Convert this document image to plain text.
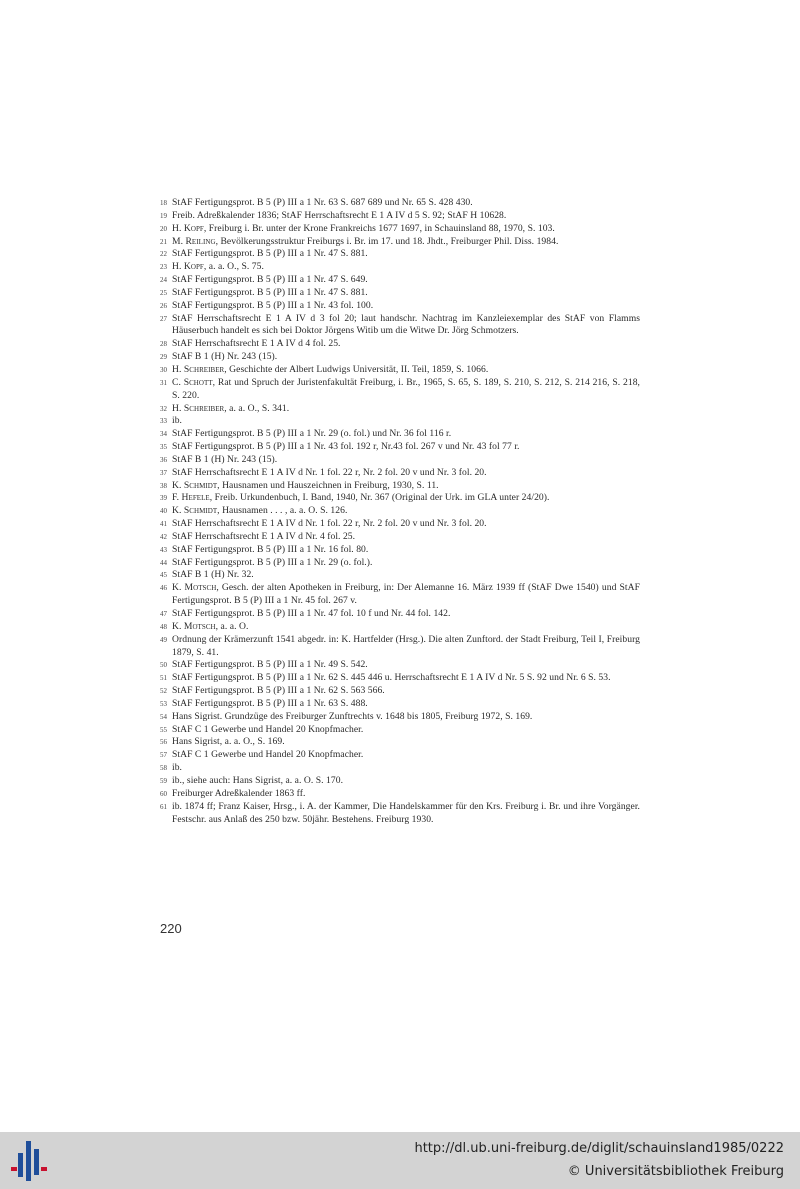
18 StAF Fertigungsprot. B 5 (P) III a 1 Nr. 63 S. 687 689 und Nr. 65 S. 428 430.
19 Freib. Adreßkalender 1836; StAF Herrschaftsrecht E 1 A IV d 5 S. 92; StAF H 10628.
20 H. Kopf, Freiburg i. Br. unter der Krone Frankreichs 1677 1697, in Schauinsland 88, 1970, S. 103.
21 M. Reiling, Bevölkerungsstruktur Freiburgs i. Br. im 17. und 18. Jhdt., Freiburger Phil. Diss. 1984.
22 StAF Fertigungsprot. B 5 (P) III a 1 Nr. 47 S. 881.
23 H. Kopf, a. a. O., S. 75.
24 StAF Fertigungsprot. B 5 (P) III a 1 Nr. 47 S. 649.
25 StAF Fertigungsprot. B 5 (P) III a 1 Nr. 47 S. 881.
26 StAF Fertigungsprot. B 5 (P) III a 1 Nr. 43 fol. 100.
27 StAF Herrschaftsrecht E 1 A IV d 3 fol 20; laut handschr. Nachtrag im Kanzleiexemplar des StAF von Flamms Häuserbuch handelt es sich bei Doktor Jörgens Witib um die Witwe Dr. Jörg Schmotzers.
28 StAF Herrschaftsrecht E 1 A IV d 4 fol. 25.
29 StAF B 1 (H) Nr. 243 (15).
30 H. Schreiber, Geschichte der Albert Ludwigs Universität, II. Teil, 1859, S. 1066.
31 C. Schott, Rat und Spruch der Juristenfakultät Freiburg, i. Br., 1965, S. 65, S. 189, S. 210, S. 212, S. 214 216, S. 218, S. 220.
32 H. Schreiber, a. a. O., S. 341.
33 ib.
34 StAF Fertigungsprot. B 5 (P) III a 1 Nr. 29 (o. fol.) und Nr. 36 fol 116 r.
35 StAF Fertigungsprot. B 5 (P) III a 1 Nr. 43 fol. 192 r, Nr.43 fol. 267 v und Nr. 43 fol 77 r.
36 StAF B 1 (H) Nr. 243 (15).
37 StAF Herrschaftsrecht E 1 A IV d Nr. 1 fol. 22 r, Nr. 2 fol. 20 v und Nr. 3 fol. 20.
38 K. Schmidt, Hausnamen und Hauszeichnen in Freiburg, 1930, S. 11.
39 F. Hefele, Freib. Urkundenbuch, I. Band, 1940, Nr. 367 (Original der Urk. im GLA unter 24/20).
40 K. Schmidt, Hausnamen . . . , a. a. O. S. 126.
41 StAF Herrschaftsrecht E 1 A IV d Nr. 1 fol. 22 r, Nr. 2 fol. 20 v und Nr. 3 fol. 20.
42 StAF Herrschaftsrecht E 1 A IV d Nr. 4 fol. 25.
43 StAF Fertigungsprot. B 5 (P) III a 1 Nr. 16 fol. 80.
44 StAF Fertigungsprot. B 5 (P) III a 1 Nr. 29 (o. fol.).
45 StAF B 1 (H) Nr. 32.
46 K. Motsch, Gesch. der alten Apotheken in Freiburg, in: Der Alemanne 16. März 1939 ff (StAF Dwe 1540) und StAF Fertigungsprot. B 5 (P) III a 1 Nr. 45 fol. 267 v.
47 StAF Fertigungsprot. B 5 (P) III a 1 Nr. 47 fol. 10 f und Nr. 44 fol. 142.
48 K. Motsch, a. a. O.
49 Ordnung der Krämerzunft 1541 abgedr. in: K. Hartfelder (Hrsg.). Die alten Zunftord. der Stadt Freiburg, Teil I, Freiburg 1879, S. 41.
50 StAF Fertigungsprot. B 5 (P) III a 1 Nr. 49 S. 542.
51 StAF Fertigungsprot. B 5 (P) III a 1 Nr. 62 S. 445 446 u. Herrschaftsrecht E 1 A IV d Nr. 5 S. 92 und Nr. 6 S. 53.
52 StAF Fertigungsprot. B 5 (P) III a 1 Nr. 62 S. 563 566.
53 StAF Fertigungsprot. B 5 (P) III a 1 Nr. 63 S. 488.
54 Hans Sigrist. Grundzüge des Freiburger Zunftrechts v. 1648 bis 1805, Freiburg 1972, S. 169.
55 StAF C 1 Gewerbe und Handel 20 Knopfmacher.
56 Hans Sigrist, a. a. O., S. 169.
57 StAF C 1 Gewerbe und Handel 20 Knopfmacher.
58 ib.
59 ib., siehe auch: Hans Sigrist, a. a. O. S. 170.
60 Freiburger Adreßkalender 1863 ff.
61 ib. 1874 ff; Franz Kaiser, Hrsg., i. A. der Kammer, Die Handelskammer für den Krs. Freiburg i. Br. und ihre Vorgänger. Festschr. aus Anlaß des 250 bzw. 50jähr. Bestehens. Freiburg 1930.
220
http://dl.ub.uni-freiburg.de/diglit/schauinsland1985/0222
© Universitätsbibliothek Freiburg
